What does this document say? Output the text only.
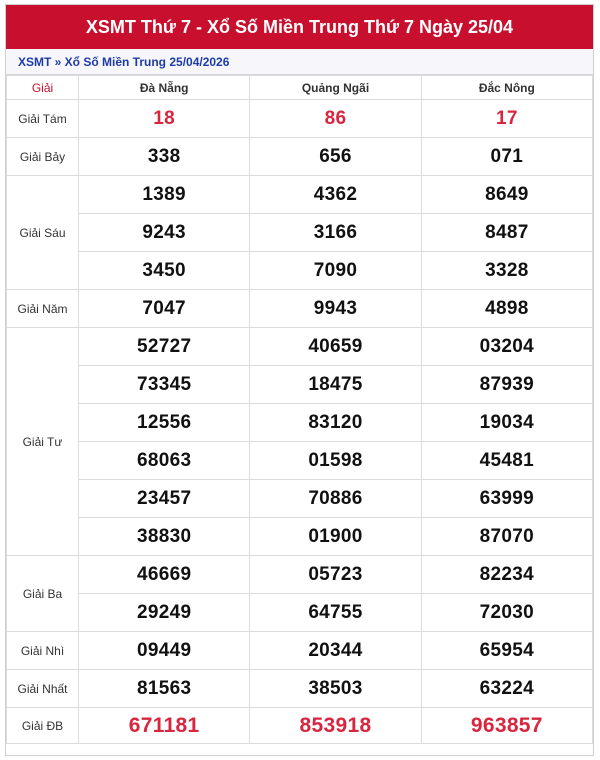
XSMT Thứ 7 - Xổ Số Miền Trung Thứ 7 Ngày 25/04
XSMT » Xổ Số Miền Trung 25/04/2026
Giải	Đà Nẵng	Quảng Ngãi	Đắc Nông
Giải Tám	18	86	17
Giải Bảy	338	656	071
Giải Sáu	1389	4362	8649
	9243	3166	8487
	3450	7090	3328
Giải Năm	7047	9943	4898
Giải Tư	52727	40659	03204
	73345	18475	87939
	12556	83120	19034
	68063	01598	45481
	23457	70886	63999
	38830	01900	87070
Giải Ba	46669	05723	82234
	29249	64755	72030
Giải Nhì	09449	20344	65954
Giải Nhất	81563	38503	63224
Giải ĐB	671181	853918	963857
